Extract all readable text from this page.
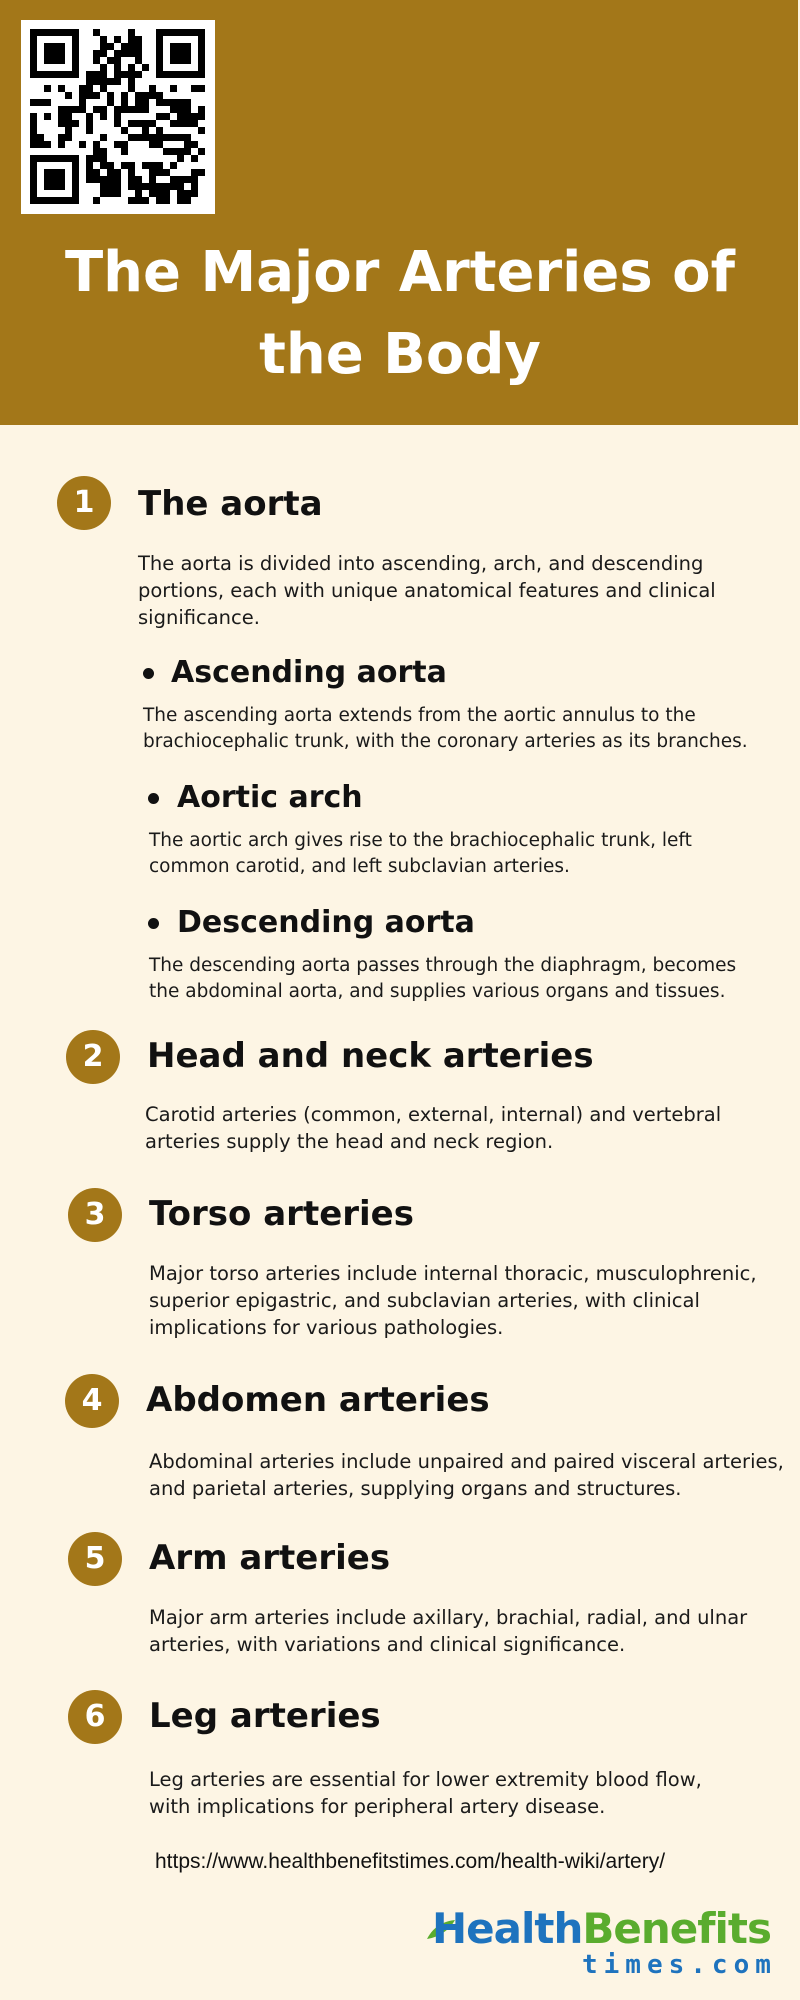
The Major Arteries of
the Body
1	The aorta
The aorta is divided into ascending, arch, and descending portions, each with unique anatomical features and clinical significance.
Ascending aorta
The ascending aorta extends from the aortic annulus to the brachiocephalic trunk, with the coronary arteries as its branches.
Aortic arch
The aortic arch gives rise to the brachiocephalic trunk, left common carotid, and left subclavian arteries.
Descending aorta
The descending aorta passes through the diaphragm, becomes the abdominal aorta, and supplies various organs and tissues.
2	Head and neck arteries
Carotid arteries (common, external, internal) and vertebral arteries supply the head and neck region.
3	Torso arteries
Major torso arteries include internal thoracic, musculophrenic, superior epigastric, and subclavian arteries, with clinical implications for various pathologies.
4	Abdomen arteries
Abdominal arteries include unpaired and paired visceral arteries, and parietal arteries, supplying organs and structures.
5	Arm arteries
Major arm arteries include axillary, brachial, radial, and ulnar arteries, with variations and clinical significance.
6	Leg arteries
Leg arteries are essential for lower extremity blood flow, with implications for peripheral artery disease.
https://www.healthbenefitstimes.com/health-wiki/artery/
HealthBenefits
times.com
